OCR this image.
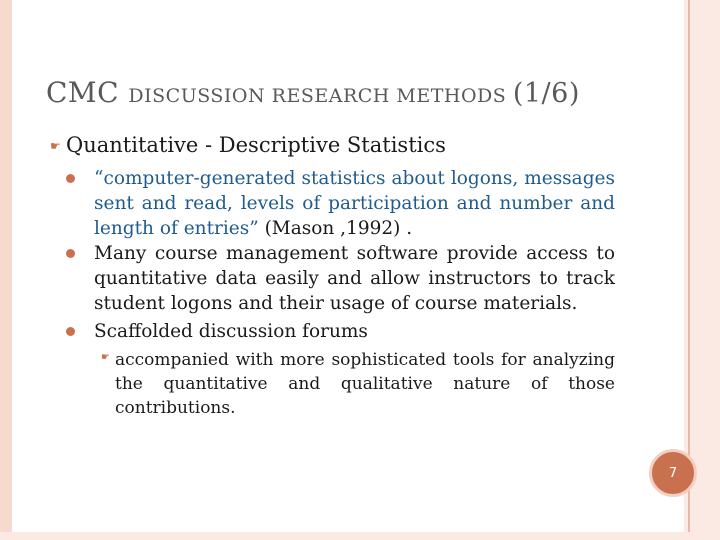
CMC DISCUSSION RESEARCH METHODS (1/6)
☛ Quantitative - Descriptive Statistics
“computer-generated statistics about logons, messages sent and read, levels of participation and number and length of entries” (Mason ,1992) .
Many course management software provide access to quantitative data easily and allow instructors to track student logons and their usage of course materials.
Scaffolded discussion forums
☛ accompanied with more sophisticated tools for analyzing the quantitative and qualitative nature of those contributions.
7
